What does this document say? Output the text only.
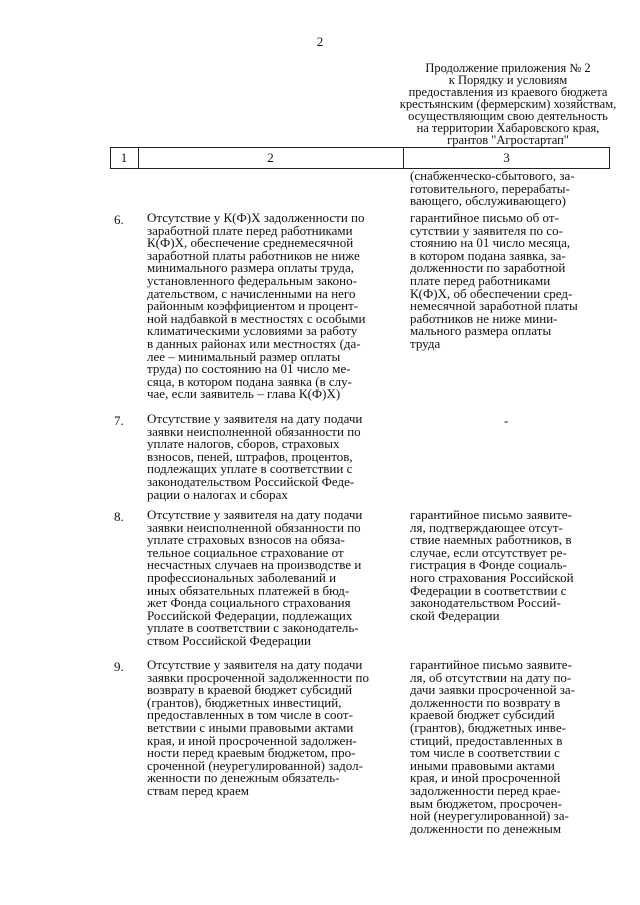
2
Продолжение приложения № 2
к Порядку и условиям
предоставления из краевого бюджета
крестьянским (фермерским) хозяйствам,
осуществляющим свою деятельность
на территории Хабаровского края,
грантов "Агростартап"
1	2	3
(снабженческо-сбытового, за-
готовительного, перерабаты-
вающего, обслуживающего)
6. Отсутствие у К(Ф)Х задолженности по
заработной плате перед работниками
К(Ф)Х, обеспечение среднемесячной
заработной платы работников не ниже
минимального размера оплаты труда,
установленного федеральным законо-
дательством, с начисленными на него
районным коэффициентом и процент-
ной надбавкой в местностях с особыми
климатическими условиями за работу
в данных районах или местностях (да-
лее – минимальный размер оплаты
труда) по состоянию на 01 число ме-
сяца, в котором подана заявка (в слу-
чае, если заявитель – глава К(Ф)Х)
гарантийное письмо об от-
сутствии у заявителя по со-
стоянию на 01 число месяца,
в котором подана заявка, за-
долженности по заработной
плате перед работниками
К(Ф)Х, об обеспечении сред-
немесячной заработной платы
работников не ниже мини-
мального размера оплаты
труда
7. Отсутствие у заявителя на дату подачи
заявки неисполненной обязанности по
уплате налогов, сборов, страховых
взносов, пеней, штрафов, процентов,
подлежащих уплате в соответствии с
законодательством Российской Феде-
рации о налогах и сборах
-
8. Отсутствие у заявителя на дату подачи
заявки неисполненной обязанности по
уплате страховых взносов на обяза-
тельное социальное страхование от
несчастных случаев на производстве и
профессиональных заболеваний и
иных обязательных платежей в бюд-
жет Фонда социального страхования
Российской Федерации, подлежащих
уплате в соответствии с законодатель-
ством Российской Федерации
гарантийное письмо заявите-
ля, подтверждающее отсут-
ствие наемных работников, в
случае, если отсутствует ре-
гистрация в Фонде социаль-
ного страхования Российской
Федерации в соответствии с
законодательством Россий-
ской Федерации
9. Отсутствие у заявителя на дату подачи
заявки просроченной задолженности по
возврату в краевой бюджет субсидий
(грантов), бюджетных инвестиций,
предоставленных в том числе в соот-
ветствии с иными правовыми актами
края, и иной просроченной задолжен-
ности перед краевым бюджетом, про-
сроченной (неурегулированной) задол-
женности по денежным обязатель-
ствам перед краем
гарантийное письмо заявите-
ля, об отсутствии на дату по-
дачи заявки просроченной за-
долженности по возврату в
краевой бюджет субсидий
(грантов), бюджетных инве-
стиций, предоставленных в
том числе в соответствии с
иными правовыми актами
края, и иной просроченной
задолженности перед крае-
вым бюджетом, просрочен-
ной (неурегулированной) за-
долженности по денежным
